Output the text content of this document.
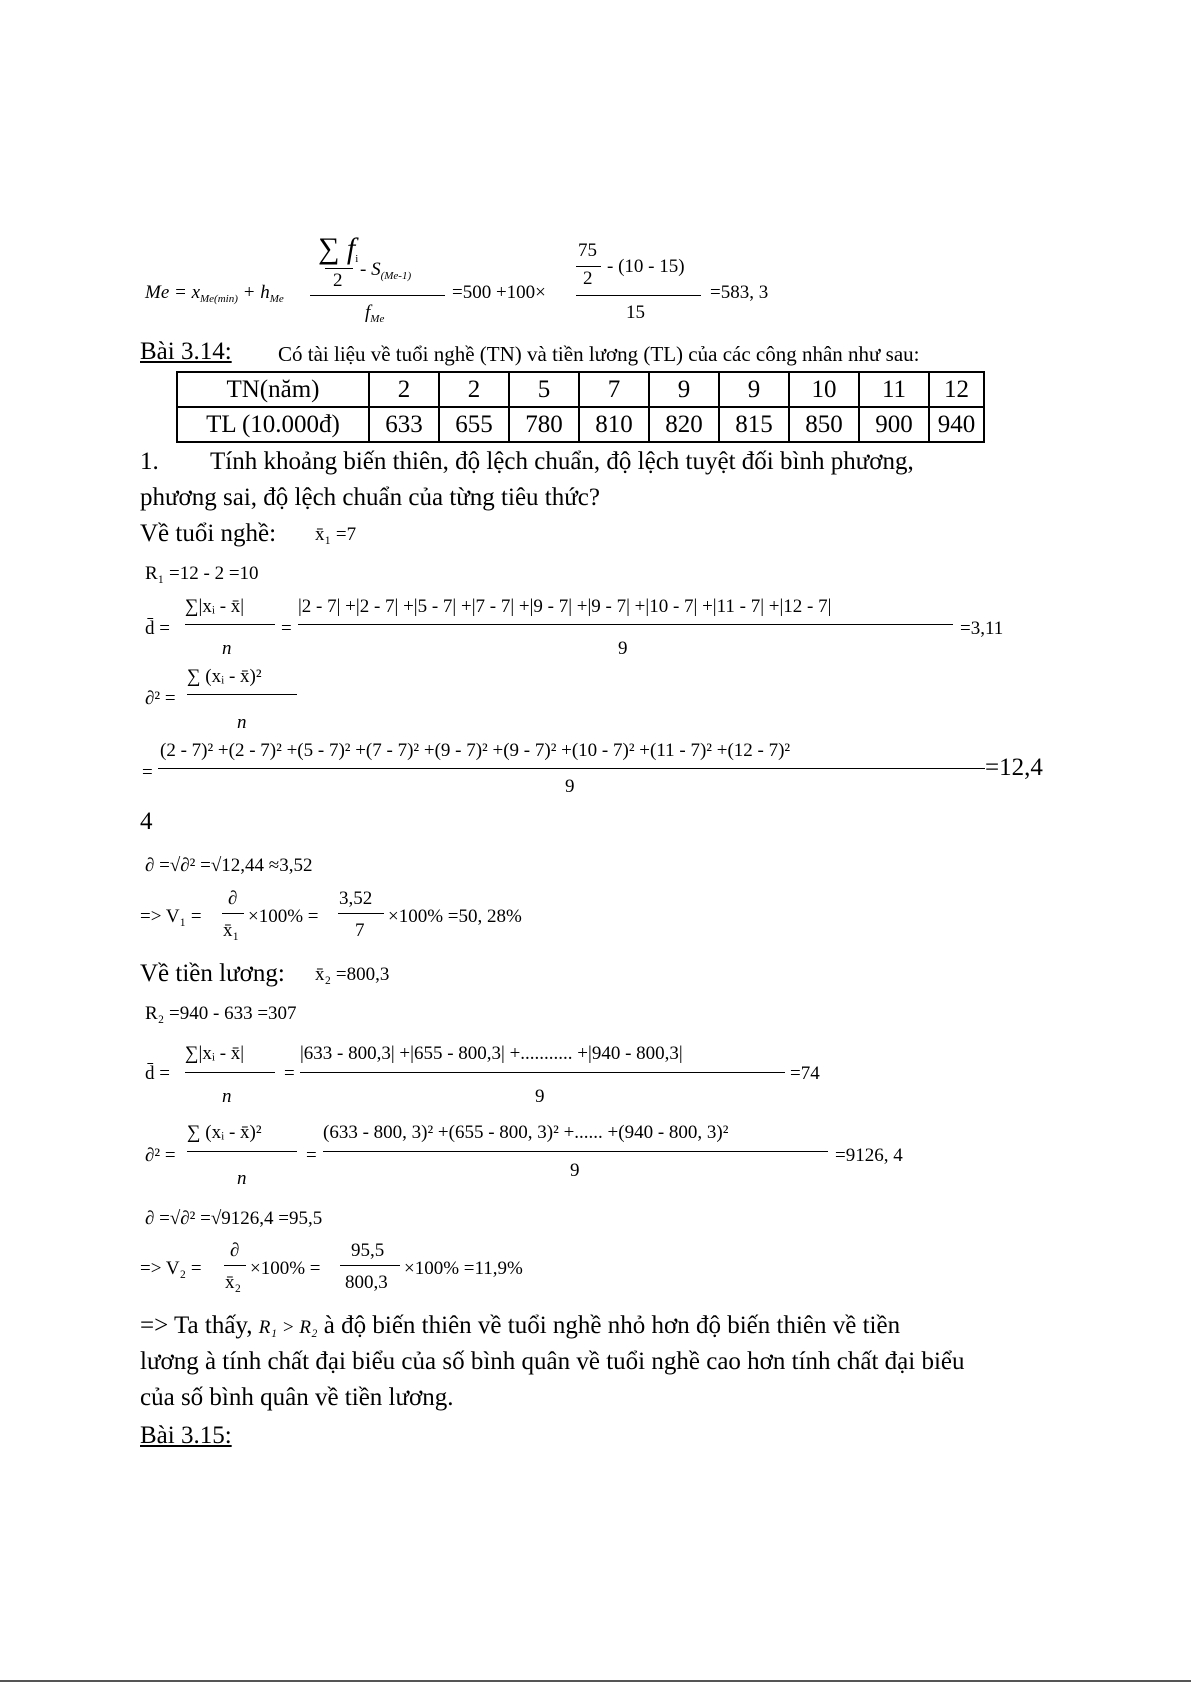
$Me = x_{Me(min)} + h_{Me}$
∑ $f_i$
2
- $S_{(Me-1)}$
$f_{Me}$
=500 +100×
75
2
- (10 - 15)
15
=583, 3
Bài 3.14: Có tài liệu về tuổi nghề (TN) và tiền lương (TL) của các công nhân như sau:
TN(năm)	2	2	5	7	9	9	10	11	12
TL (10.000đ)	633	655	780	810	820	815	850	900	940
1. Tính khoảng biến thiên, độ lệch chuẩn, độ lệch tuyệt đối bình phương,
phương sai, độ lệch chuẩn của từng tiêu thức?
Về tuổi nghề: x̄₁ =7
R₁ =12 - 2 =10
d̄ =
∑|xᵢ - x̄|
n
=
|2 - 7| +|2 - 7| +|5 - 7| +|7 - 7| +|9 - 7| +|9 - 7| +|10 - 7| +|11 - 7| +|12 - 7|
9
=3,11
∂² =
∑ (xᵢ - x̄)²
n
=
(2 - 7)² +(2 - 7)² +(5 - 7)² +(7 - 7)² +(9 - 7)² +(9 - 7)² +(10 - 7)² +(11 - 7)² +(12 - 7)²
9
=12,4
4
∂ =√∂² =√12,44 ≈3,52
=> V₁ =
∂
x̄₁
×100% =
3,52
7
×100% =50, 28%
Về tiền lương: x̄₂ =800,3
R₂ =940 - 633 =307
d̄ =
∑|xᵢ - x̄|
n
=
|633 - 800,3| +|655 - 800,3| +........... +|940 - 800,3|
9
=74
∂² =
∑ (xᵢ - x̄)²
n
=
(633 - 800, 3)² +(655 - 800, 3)² +...... +(940 - 800, 3)²
9
=9126, 4
∂ =√∂² =√9126,4 =95,5
=> V₂ =
∂
x̄₂
×100% =
95,5
800,3
×100% =11,9%
=> Ta thấy, R₁ > R₂ à độ biến thiên về tuổi nghề nhỏ hơn độ biến thiên về tiền
lương à tính chất đại biểu của số bình quân về tuổi nghề cao hơn tính chất đại biểu
của số bình quân về tiền lương.
Bài 3.15:
